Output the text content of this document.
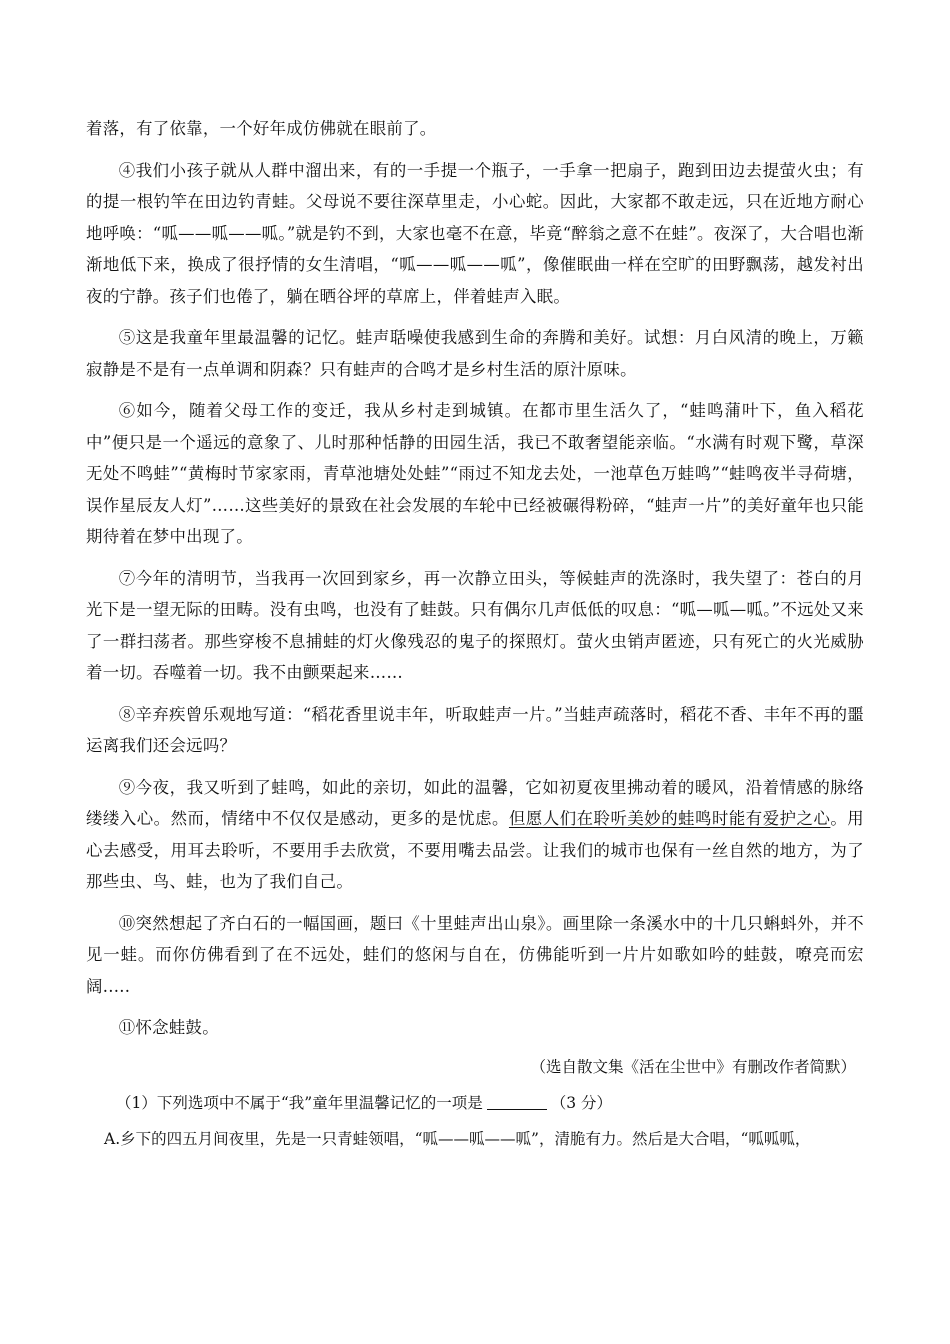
着落，有了依靠，一个好年成仿佛就在眼前了。

④我们小孩子就从人群中溜出来，有的一手提一个瓶子，一手拿一把扇子，跑到田边去提萤火虫；有的提一根钓竿在田边钓青蛙。父母说不要往深草里走，小心蛇。因此，大家都不敢走远，只在近地方耐心地呼唤：“呱——呱——呱。”就是钓不到，大家也毫不在意，毕竟“醉翁之意不在蛙”。夜深了，大合唱也渐渐地低下来，换成了很抒情的女生清唱，“呱——呱——呱”，像催眠曲一样在空旷的田野飘荡，越发衬出夜的宁静。孩子们也倦了，躺在晒谷坪的草席上，伴着蛙声入眠。

⑤这是我童年里最温馨的记忆。蛙声聒噪使我感到生命的奔腾和美好。试想：月白风清的晚上，万籁寂静是不是有一点单调和阴森？只有蛙声的合鸣才是乡村生活的原汁原味。

⑥如今，随着父母工作的变迁，我从乡村走到城镇。在都市里生活久了，“蛙鸣蒲叶下，鱼入稻花中”便只是一个遥远的意象了、儿时那种恬静的田园生活，我已不敢奢望能亲临。“水满有时观下鹭，草深无处不鸣蛙”“黄梅时节家家雨，青草池塘处处蛙”“雨过不知龙去处，一池草色万蛙鸣”“蛙鸣夜半寻荷塘，误作星辰友人灯”……这些美好的景致在社会发展的车轮中已经被碾得粉碎，“蛙声一片”的美好童年也只能期待着在梦中出现了。

⑦今年的清明节，当我再一次回到家乡，再一次静立田头，等候蛙声的洗涤时，我失望了：苍白的月光下是一望无际的田畴。没有虫鸣，也没有了蛙鼓。只有偶尔几声低低的叹息：“呱—呱—呱。”不远处又来了一群扫荡者。那些穿梭不息捕蛙的灯火像残忍的鬼子的探照灯。萤火虫销声匿迹，只有死亡的火光威胁着一切。吞噬着一切。我不由颤栗起来……

⑧辛弃疾曾乐观地写道：“稻花香里说丰年，听取蛙声一片。”当蛙声疏落时，稻花不香、丰年不再的噩运离我们还会远吗？

⑨今夜，我又听到了蛙鸣，如此的亲切，如此的温馨，它如初夏夜里拂动着的暖风，沿着情感的脉络缕缕入心。然而，情绪中不仅仅是感动，更多的是忧虑。但愿人们在聆听美妙的蛙鸣时能有爱护之心。用心去感受，用耳去聆听，不要用手去欣赏，不要用嘴去品尝。让我们的城市也保有一丝自然的地方，为了那些虫、鸟、蛙，也为了我们自己。

⑩突然想起了齐白石的一幅国画，题曰《十里蛙声出山泉》。画里除一条溪水中的十几只蝌蚪外，并不见一蛙。而你仿佛看到了在不远处，蛙们的悠闲与自在，仿佛能听到一片片如歌如吟的蛙鼓，嘹亮而宏阔.....

⑪怀念蛙鼓。

（选自散文集《活在尘世中》有删改作者简默）

（1）下列选项中不属于“我”童年里温馨记忆的一项是	（3 分）

A.乡下的四五月间夜里，先是一只青蛙领唱，“呱——呱——呱”，清脆有力。然后是大合唱，“呱呱呱，
